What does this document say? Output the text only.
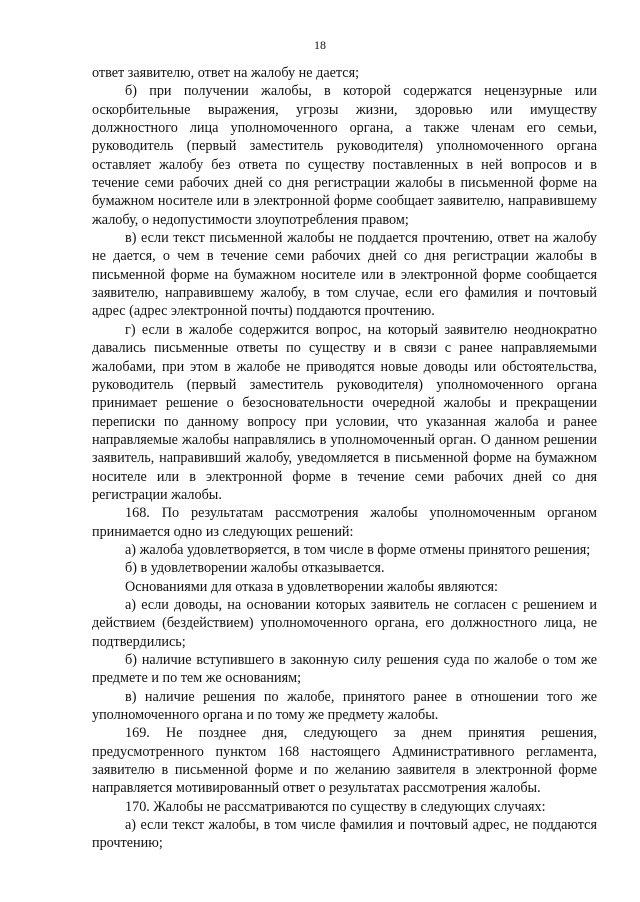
18

ответ заявителю, ответ на жалобу не дается;

б) при получении жалобы, в которой содержатся нецензурные или оскорбительные выражения, угрозы жизни, здоровью или имуществу должностного лица уполномоченного органа, а также членам его семьи, руководитель (первый заместитель руководителя) уполномоченного органа оставляет жалобу без ответа по существу поставленных в ней вопросов и в течение семи рабочих дней со дня регистрации жалобы в письменной форме на бумажном носителе или в электронной форме сообщает заявителю, направившему жалобу, о недопустимости злоупотребления правом;

в) если текст письменной жалобы не поддается прочтению, ответ на жалобу не дается, о чем в течение семи рабочих дней со дня регистрации жалобы в письменной форме на бумажном носителе или в электронной форме сообщается заявителю, направившему жалобу, в том случае, если его фамилия и почтовый адрес (адрес электронной почты) поддаются прочтению.

г) если в жалобе содержится вопрос, на который заявителю неоднократно давались письменные ответы по существу и в связи с ранее направляемыми жалобами, при этом в жалобе не приводятся новые доводы или обстоятельства, руководитель (первый заместитель руководителя) уполномоченного органа принимает решение о безосновательности очередной жалобы и прекращении переписки по данному вопросу при условии, что указанная жалоба и ранее направляемые жалобы направлялись в уполномоченный орган. О данном решении заявитель, направивший жалобу, уведомляется в письменной форме на бумажном носителе или в электронной форме в течение семи рабочих дней со дня регистрации жалобы.

168. По результатам рассмотрения жалобы уполномоченным органом принимается одно из следующих решений:

а) жалоба удовлетворяется, в том числе в форме отмены принятого решения;

б) в удовлетворении жалобы отказывается.

Основаниями для отказа в удовлетворении жалобы являются:

а) если доводы, на основании которых заявитель не согласен с решением и действием (бездействием) уполномоченного органа, его должностного лица, не подтвердились;

б) наличие вступившего в законную силу решения суда по жалобе о том же предмете и по тем же основаниям;

в) наличие решения по жалобе, принятого ранее в отношении того же уполномоченного органа и по тому же предмету жалобы.

169. Не позднее дня, следующего за днем принятия решения, предусмотренного пунктом 168 настоящего Административного регламента, заявителю в письменной форме и по желанию заявителя в электронной форме направляется мотивированный ответ о результатах рассмотрения жалобы.

170. Жалобы не рассматриваются по существу в следующих случаях:

а) если текст жалобы, в том числе фамилия и почтовый адрес, не поддаются прочтению;
